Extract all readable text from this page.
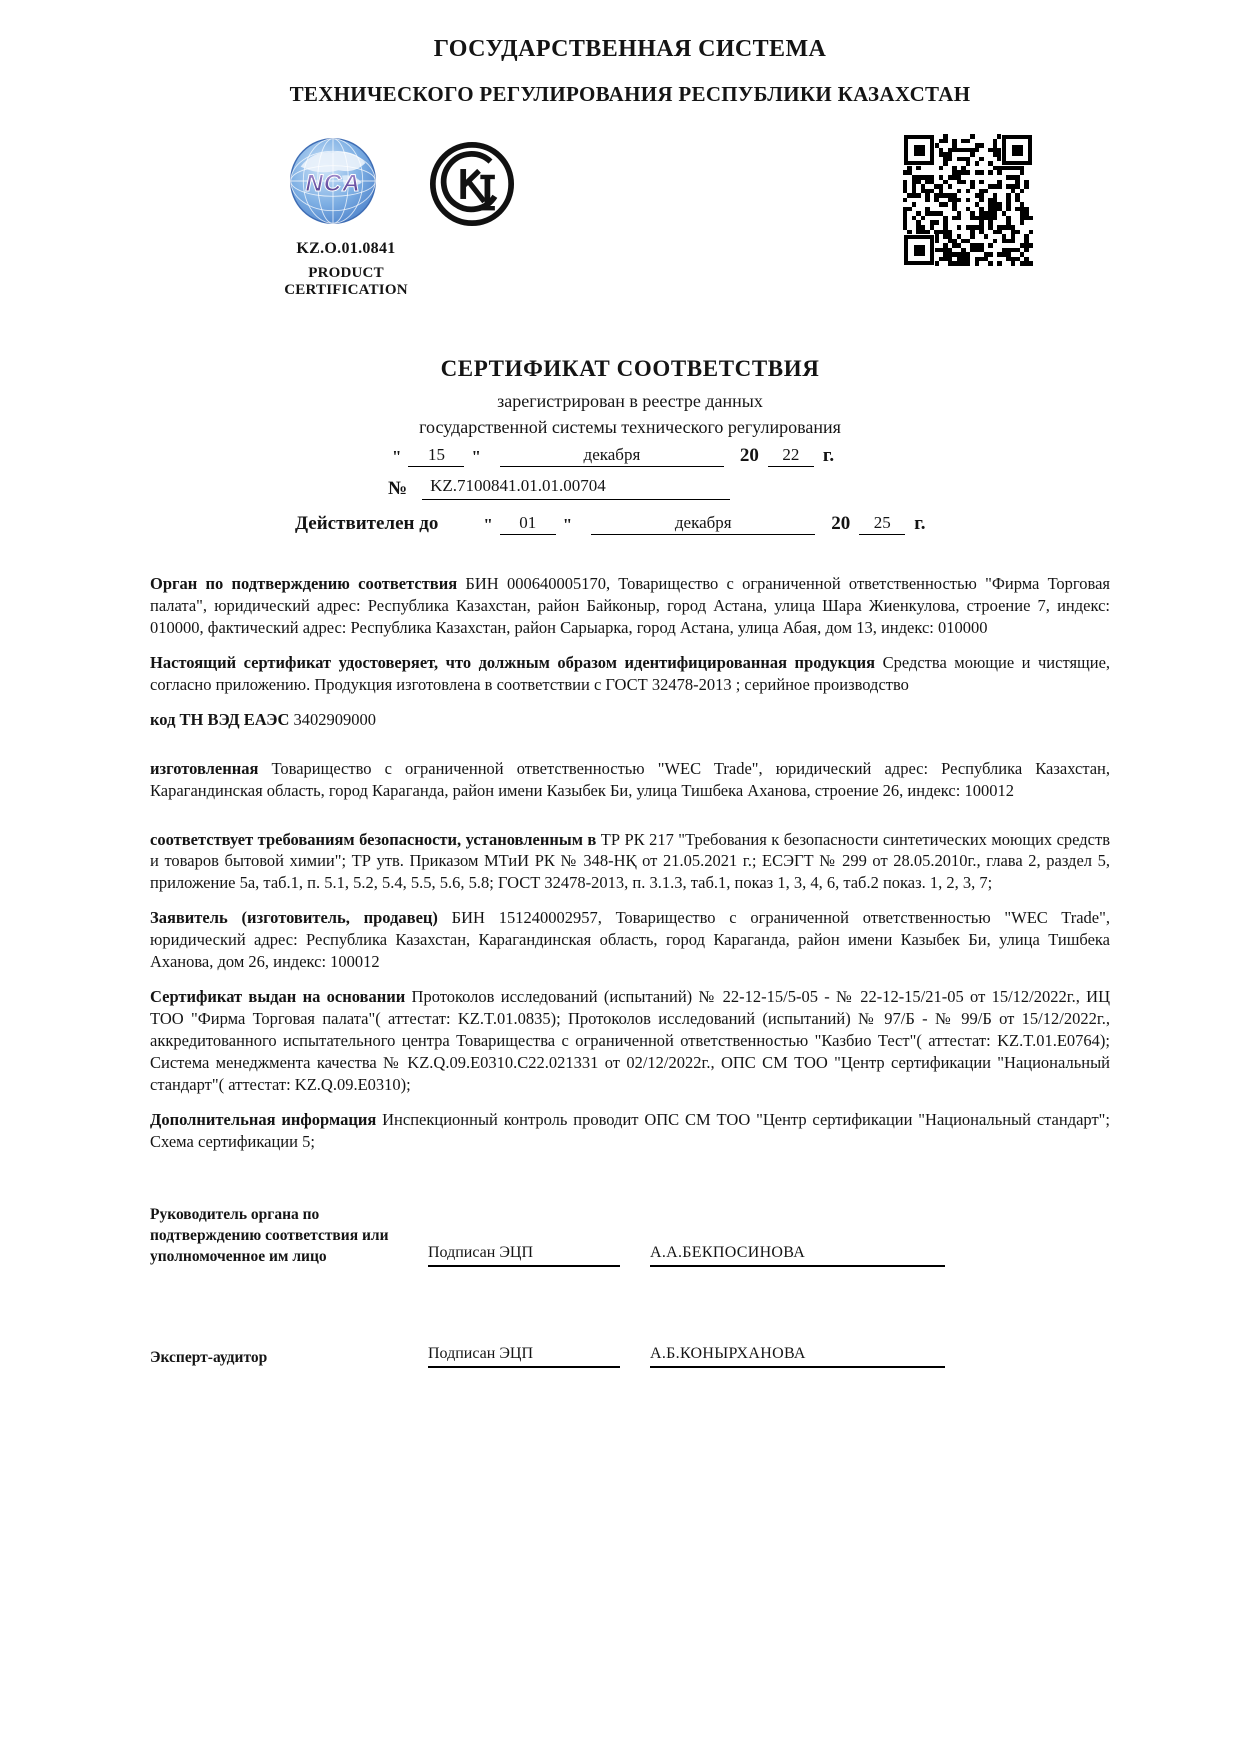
ГОСУДАРСТВЕННАЯ СИСТЕМА
ТЕХНИЧЕСКОГО РЕГУЛИРОВАНИЯ РЕСПУБЛИКИ КАЗАХСТАН
NCA
KZ.O.01.0841
PRODUCT
CERTIFICATION
СЕРТИФИКАТ СООТВЕТСТВИЯ
зарегистрирован в реестре данных
государственной системы технического регулирования
"	15	"	декабря	20	22	г.
№	KZ.7100841.01.01.00704
Действителен до	"	01	"	декабря	20	25	г.

Орган по подтверждению соответствия БИН 000640005170, Товарищество с ограниченной ответственностью "Фирма Торговая палата", юридический адрес: Республика Казахстан, район Байконыр, город Астана, улица Шара Жиенкулова, строение 7, индекс: 010000, фактический адрес: Республика Казахстан, район Сарыарка, город Астана, улица Абая, дом 13, индекс: 010000

Настоящий сертификат удостоверяет, что должным образом идентифицированная продукция Средства моющие и чистящие, согласно приложению. Продукция изготовлена в соответствии с ГОСТ 32478-2013 ; серийное производство

код ТН ВЭД ЕАЭС 3402909000

изготовленная Товарищество с ограниченной ответственностью "WEC Trade", юридический адрес: Республика Казахстан, Карагандинская область, город Караганда, район имени Казыбек Би, улица Тишбека Аханова, строение 26, индекс: 100012

соответствует требованиям безопасности, установленным в ТР РК 217 "Требования к безопасности синтетических моющих средств и товаров бытовой химии"; ТР утв. Приказом МТиИ РК № 348-НҚ от 21.05.2021 г.; ЕСЭГТ № 299 от 28.05.2010г., глава 2, раздел 5, приложение 5а, таб.1, п. 5.1, 5.2, 5.4, 5.5, 5.6, 5.8; ГОСТ 32478-2013, п. 3.1.3, таб.1, показ 1, 3, 4, 6, таб.2 показ. 1, 2, 3, 7;

Заявитель (изготовитель, продавец) БИН 151240002957, Товарищество с ограниченной ответственностью "WEC Trade", юридический адрес: Республика Казахстан, Карагандинская область, город Караганда, район имени Казыбек Би, улица Тишбека Аханова, дом 26, индекс: 100012

Сертификат выдан на основании Протоколов исследований (испытаний) № 22-12-15/5-05 - № 22-12-15/21-05 от 15/12/2022г., ИЦ ТОО "Фирма Торговая палата"( аттестат: KZ.T.01.0835); Протоколов исследований (испытаний) № 97/Б - № 99/Б от 15/12/2022г., аккредитованного испытательного центра Товарищества с ограниченной ответственностью "Казбио Тест"( аттестат: KZ.T.01.E0764); Система менеджмента качества № KZ.Q.09.E0310.C22.021331 от 02/12/2022г., ОПС СМ ТОО "Центр сертификации "Национальный стандарт"( аттестат: KZ.Q.09.E0310);

Дополнительная информация Инспекционный контроль проводит ОПС СМ ТОО "Центр сертификации "Национальный стандарт"; Схема сертификации 5;

Руководитель органа по подтверждению соответствия или уполномоченное им лицо	Подписан ЭЦП	А.А.БЕКПОСИНОВА
Эксперт-аудитор	Подписан ЭЦП	А.Б.КОНЫРХАНОВА
